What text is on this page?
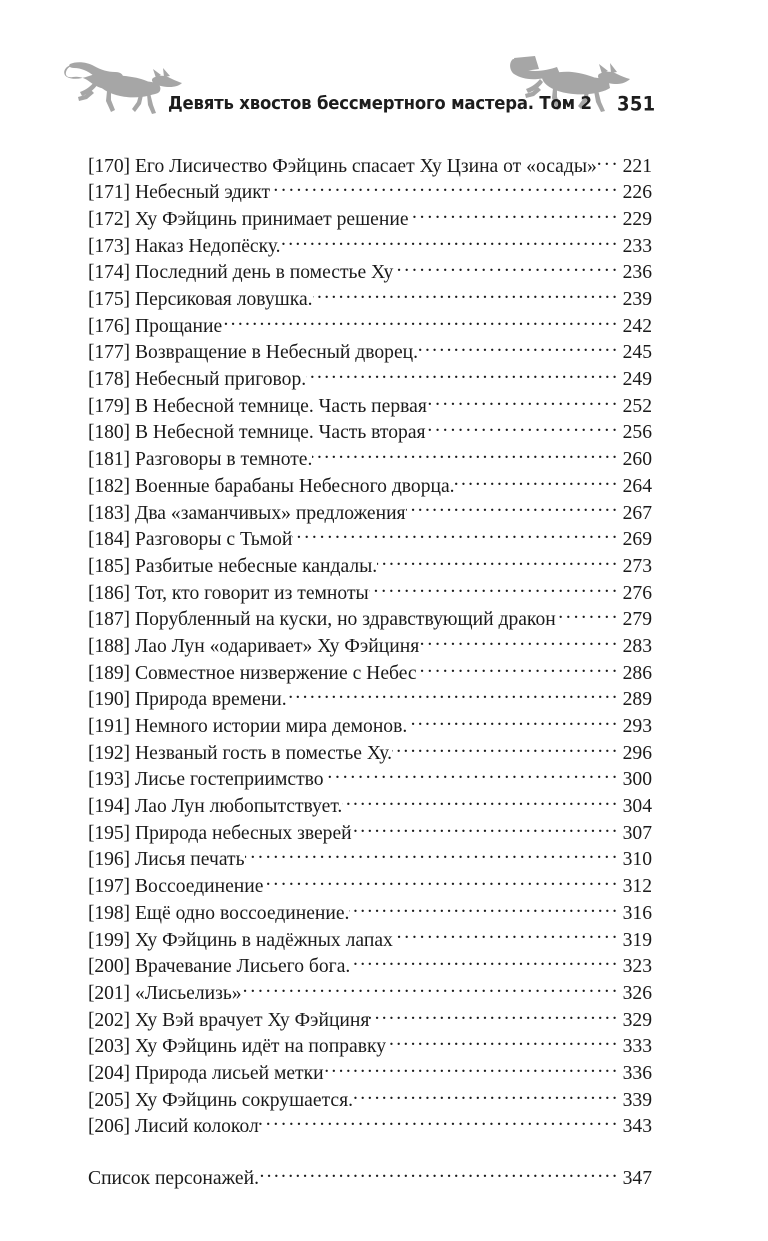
Девять хвостов бессмертного мастера. Том 2 351
[170] Его Лисичество Фэйцинь спасает Ху Цзина от «осады» . . . 221
[171] Небесный эдикт . . .	226
[172] Ху Фэйцинь принимает решение . . .	229
[173] Наказ Недопёску. . . .	233
[174] Последний день в поместье Ху . . .	236
[175] Персиковая ловушка. . . .	239
[176] Прощание . . .	242
[177] Возвращение в Небесный дворец. . . .	245
[178] Небесный приговор. . . .	249
[179] В Небесной темнице. Часть первая . . .	252
[180] В Небесной темнице. Часть вторая . . .	256
[181] Разговоры в темноте. . . .	260
[182] Военные барабаны Небесного дворца. . . .	264
[183] Два «заманчивых» предложения . . .	267
[184] Разговоры с Тьмой . . .	269
[185] Разбитые небесные кандалы. . . .	273
[186] Тот, кто говорит из темноты . . .	276
[187] Порубленный на куски, но здравствующий дракон . . .	279
[188] Лао Лун «одаривает» Ху Фэйциня . . .	283
[189] Совместное низвержение с Небес . . .	286
[190] Природа времени. . . .	289
[191] Немного истории мира демонов. . . .	293
[192] Незваный гость в поместье Ху. . . .	296
[193] Лисье гостеприимство . . .	300
[194] Лао Лун любопытствует. . . .	304
[195] Природа небесных зверей . . .	307
[196] Лисья печать . . .	310
[197] Воссоединение . . .	312
[198] Ещё одно воссоединение. . . .	316
[199] Ху Фэйцинь в надёжных лапах . . .	319
[200] Врачевание Лисьего бога. . . .	323
[201] «Лисьелизь» . . .	326
[202] Ху Вэй врачует Ху Фэйциня . . .	329
[203] Ху Фэйцинь идёт на поправку . . .	333
[204] Природа лисьей метки . . .	336
[205] Ху Фэйцинь сокрушается. . . .	339
[206] Лисий колокол . . .	343
Список персонажей. . . .	347
